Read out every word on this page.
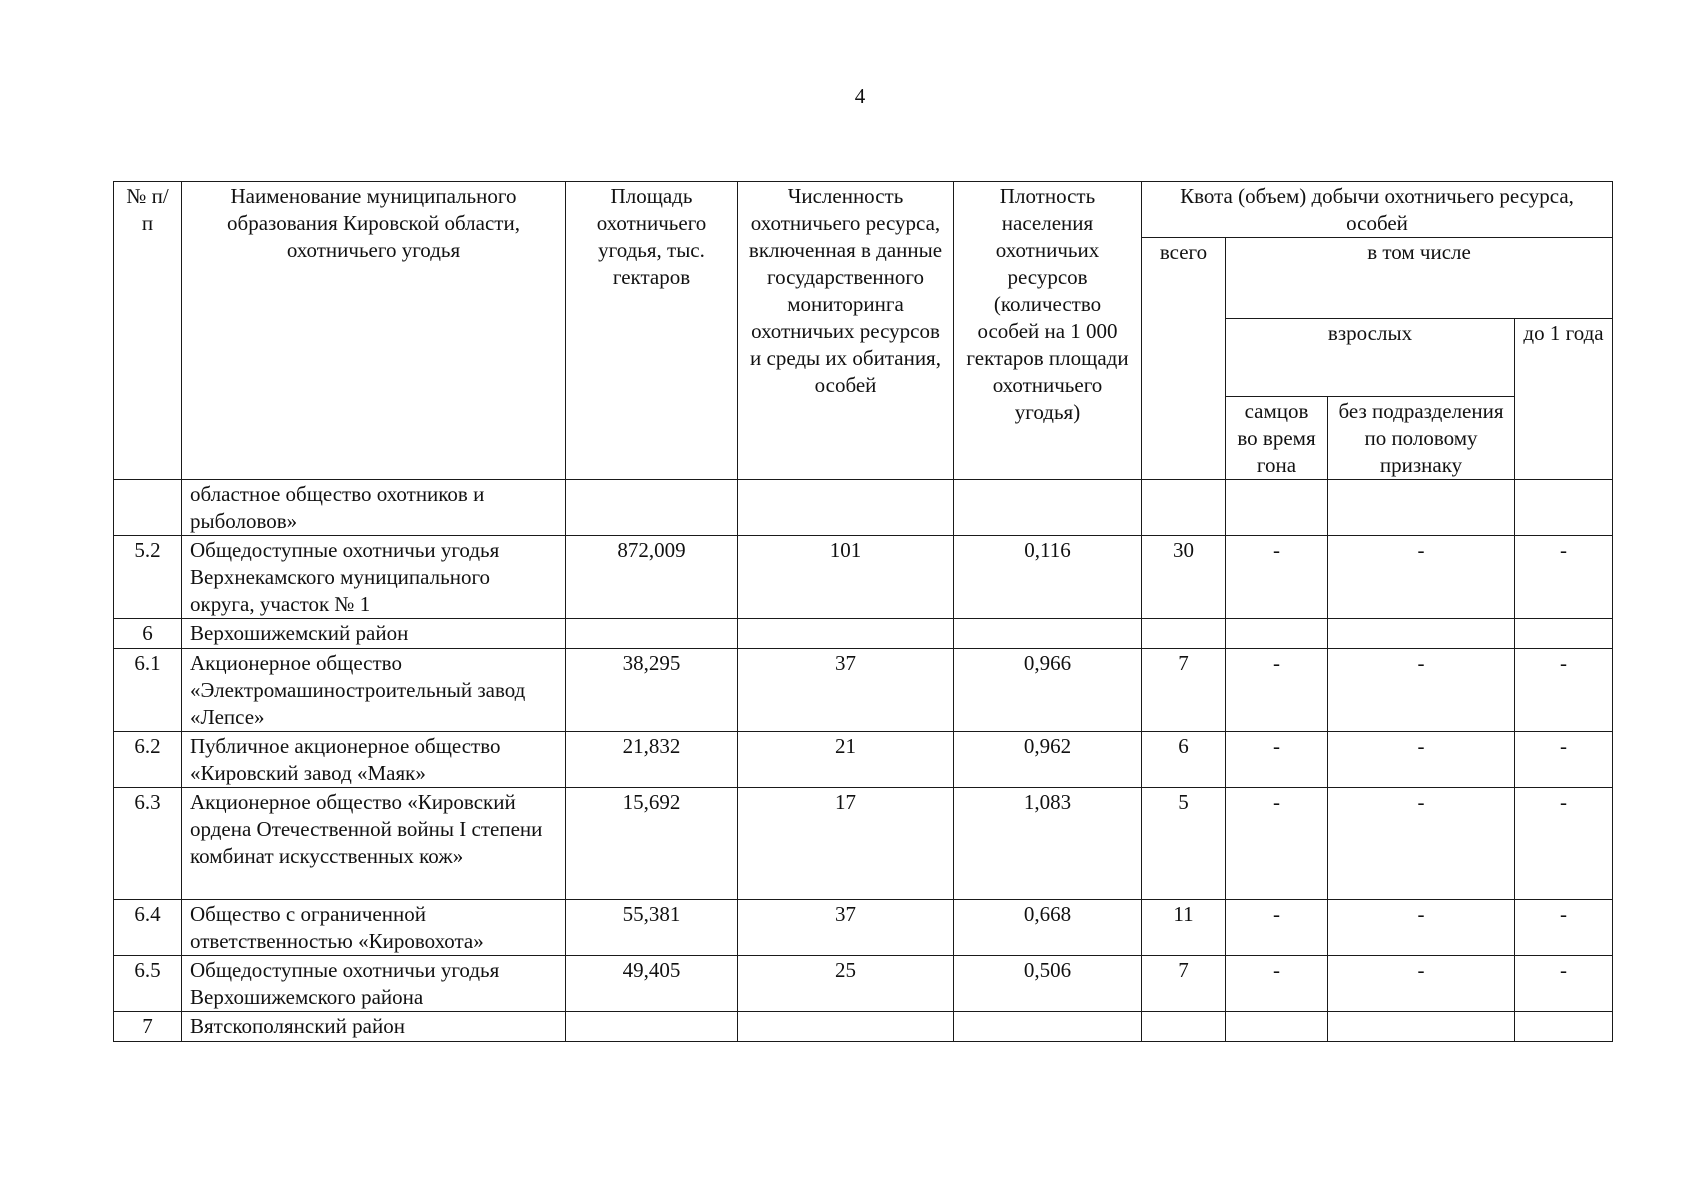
4
№ п/п	Наименование муниципального образования Кировской области, охотничьего угодья	Площадь охотничьего угодья, тыс. гектаров	Численность охотничьего ресурса, включенная в данные государственного мониторинга охотничьих ресурсов и среды их обитания, особей	Плотность населения охотничьих ресурсов (количество особей на 1 000 гектаров площади охотничьего угодья)	Квота (объем) добычи охотничьего ресурса, особей			
					всего	в том числе		
						взрослых		до 1 года
						самцов во время гона	без подразделения по половому признаку	
	областное общество охотников и рыболовов»							
5.2	Общедоступные охотничьи угодья Верхнекамского муниципального округа, участок № 1	872,009	101	0,116	30	-	-	-
6	Верхошижемский район							
6.1	Акционерное общество «Электромашиностроительный завод «Лепсе»	38,295	37	0,966	7	-	-	-
6.2	Публичное акционерное общество «Кировский завод «Маяк»	21,832	21	0,962	6	-	-	-
6.3	Акционерное общество «Кировский ордена Отечественной войны I степени комбинат искусственных кож»	15,692	17	1,083	5	-	-	-
6.4	Общество с ограниченной ответственностью «Кировохота»	55,381	37	0,668	11	-	-	-
6.5	Общедоступные охотничьи угодья Верхошижемского района	49,405	25	0,506	7	-	-	-
7	Вятскополянский район							
